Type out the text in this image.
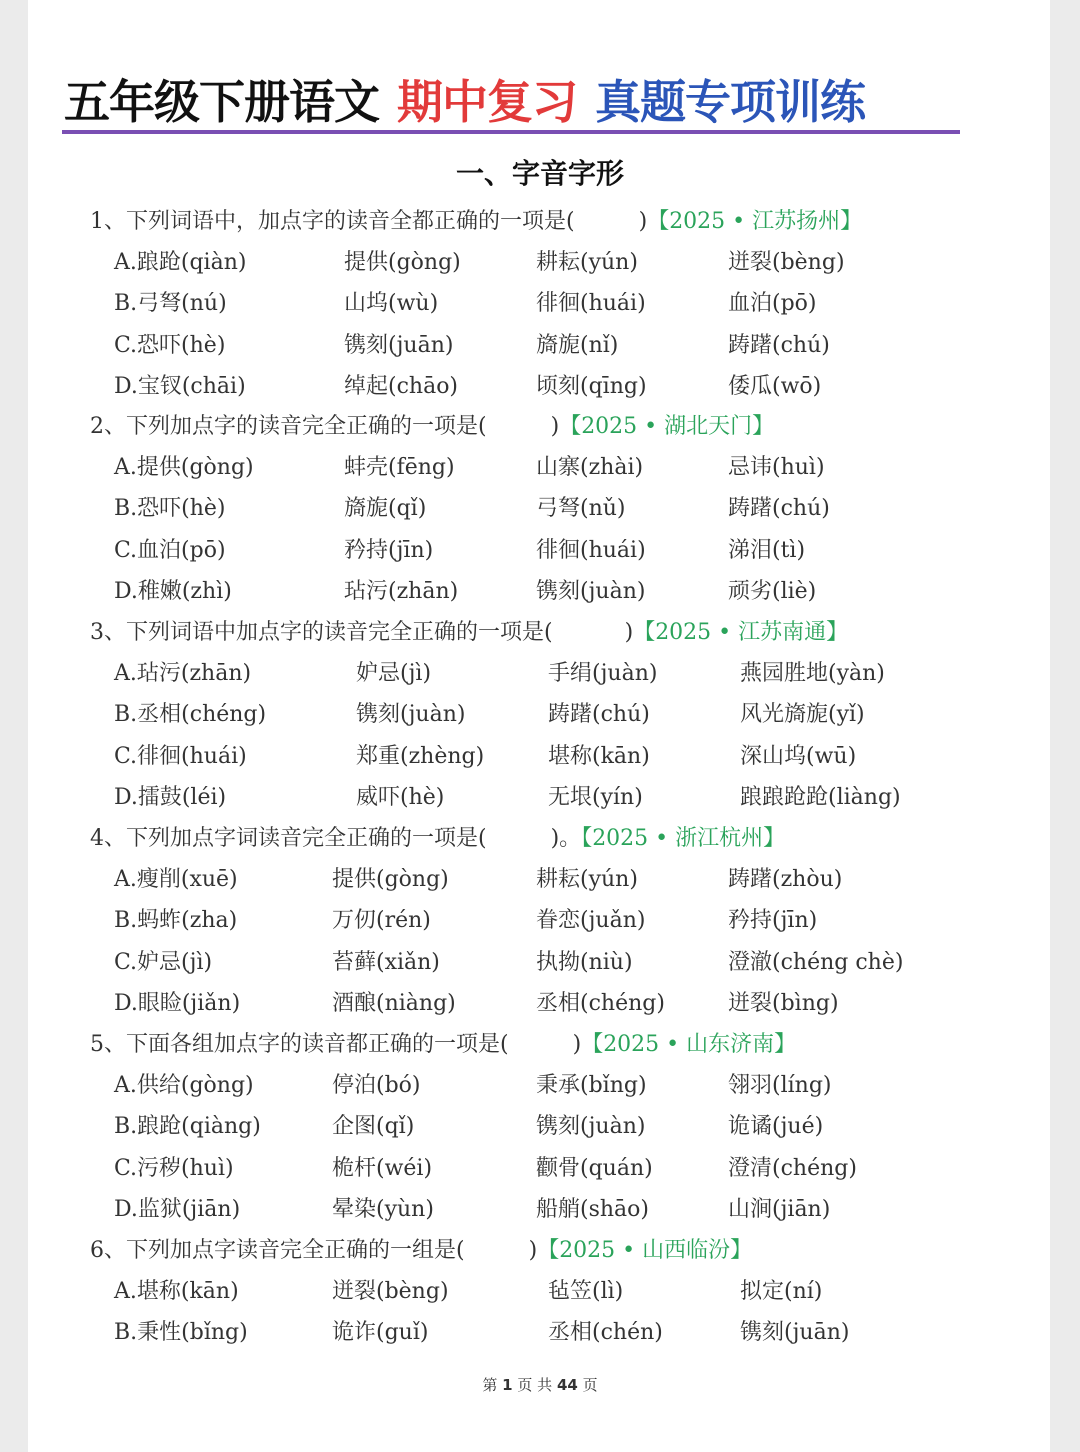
五年级下册语文 期中复习 真题专项训练
一、字音字形
1、下列词语中，加点字的读音全都正确的一项是(	)【2025 • 江苏扬州】
A.踉跄(qiàn)	提供(gòng)	耕耘(yún)	迸裂(bèng)
B.弓弩(nú)	山坞(wù)	徘徊(huái)	血泊(pō)
C.恐吓(hè)	镌刻(juān)	旖旎(nǐ)	踌躇(chú)
D.宝钗(chāi)	绰起(chāo)	顷刻(qīng)	倭瓜(wō)
2、下列加点字的读音完全正确的一项是(	)【2025 • 湖北天门】
A.提供(gòng)	蚌壳(fēng)	山寨(zhài)	忌讳(huì)
B.恐吓(hè)	旖旎(qǐ)	弓弩(nǔ)	踌躇(chú)
C.血泊(pō)	矜持(jīn)	徘徊(huái)	涕泪(tì)
D.稚嫩(zhì)	玷污(zhān)	镌刻(juàn)	顽劣(liè)
3、下列词语中加点字的读音完全正确的一项是(	)【2025 • 江苏南通】
A.玷污(zhān)	妒忌(jì)	手绢(juàn)	燕园胜地(yàn)
B.丞相(chéng)	镌刻(juàn)	踌躇(chú)	风光旖旎(yǐ)
C.徘徊(huái)	郑重(zhèng)	堪称(kān)	深山坞(wū)
D.擂鼓(léi)	威吓(hè)	无垠(yín)	踉踉跄跄(liàng)
4、下列加点字词读音完全正确的一项是(	)。【2025 • 浙江杭州】
A.瘦削(xuē)	提供(gòng)	耕耘(yún)	踌躇(zhòu)
B.蚂蚱(zha)	万仞(rén)	眷恋(juǎn)	矜持(jīn)
C.妒忌(jì)	苔藓(xiǎn)	执拗(niù)	澄澈(chéng chè)
D.眼睑(jiǎn)	酒酿(niàng)	丞相(chéng)	迸裂(bìng)
5、下面各组加点字的读音都正确的一项是(	)【2025 • 山东济南】
A.供给(gòng)	停泊(bó)	秉承(bǐng)	翎羽(líng)
B.踉跄(qiàng)	企图(qǐ)	镌刻(juàn)	诡谲(jué)
C.污秽(huì)	桅杆(wéi)	颧骨(quán)	澄清(chéng)
D.监狱(jiān)	晕染(yùn)	船艄(shāo)	山涧(jiān)
6、下列加点字读音完全正确的一组是(	)【2025 • 山西临汾】
A.堪称(kān)	迸裂(bèng)	毡笠(lì)	拟定(ní)
B.秉性(bǐng)	诡诈(guǐ)	丞相(chén)	镌刻(juān)
第 1 页 共 44 页
